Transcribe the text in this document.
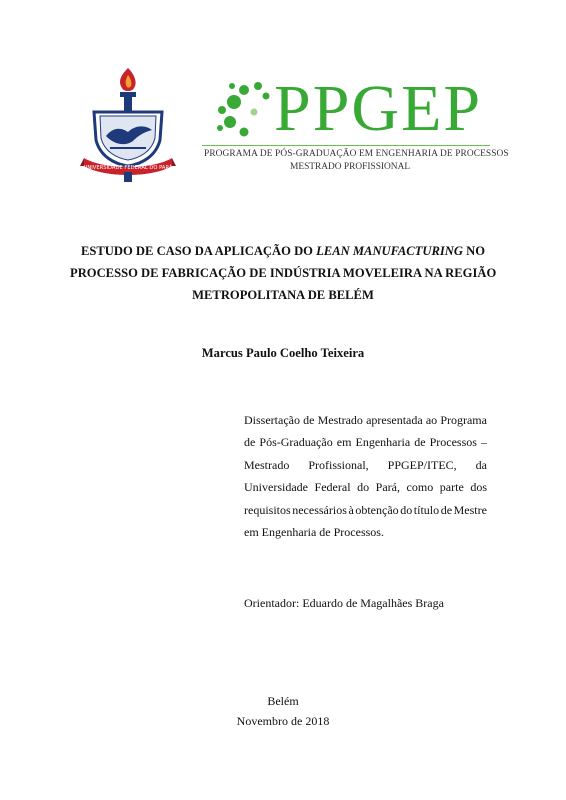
UNIVERSIDADE FEDERAL DO PARÁ
PPGEP
PROGRAMA DE PÓS-GRADUAÇÃO EM ENGENHARIA DE PROCESSOS
MESTRADO PROFISSIONAL
ESTUDO DE CASO DA APLICAÇÃO DO LEAN MANUFACTURING NO
PROCESSO DE FABRICAÇÃO DE INDÚSTRIA MOVELEIRA NA REGIÃO
METROPOLITANA DE BELÉM
Marcus Paulo Coelho Teixeira
Dissertação de Mestrado apresentada ao Programa
de Pós-Graduação em Engenharia de Processos –
Mestrado Profissional, PPGEP/ITEC, da
Universidade Federal do Pará, como parte dos
requisitos necessários à obtenção do título de Mestre
em Engenharia de Processos.
Orientador: Eduardo de Magalhães Braga
Belém
Novembro de 2018
